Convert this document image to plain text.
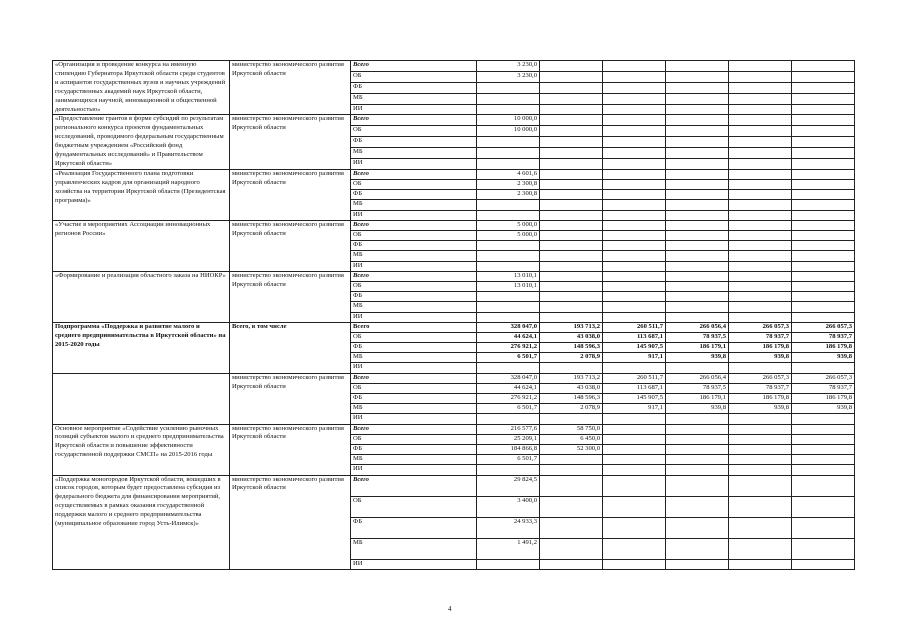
«Организация и проведение конкурса на именную стипендию Губернатора Иркутской области среди студентов и аспирантов государственных вузов и научных учреждений государственных академий наук Иркутской области, занимающихся научной, инновационной и общественной деятельностью»	министерство экономического развития Иркутской области	Всего	3 230,0					
		ОБ	3 230,0					
		ФБ						
		МБ						
		ИИ						
«Предоставление грантов в форме субсидий по результатам регионального конкурса проектов фундаментальных исследований, проводимого федеральным государственным бюджетным учреждением «Российский фонд фундаментальных исследований» и Правительством Иркутской области»	министерство экономического развития Иркутской области	Всего	10 000,0					
		ОБ	10 000,0					
		ФБ						
		МБ						
		ИИ						
«Реализация Государственного плана подготовки управленческих кадров для организаций народного хозяйства на территории Иркутской области (Президентская программа)»	министерство экономического развития Иркутской области	Всего	4 601,6					
		ОБ	2 300,8					
		ФБ	2 300,8					
		МБ						
		ИИ						
«Участие в мероприятиях Ассоциации инновационных регионов России»	министерство экономического развития Иркутской области	Всего	5 000,0					
		ОБ	5 000,0					
		ФБ						
		МБ						
		ИИ						
«Формирование и реализация областного заказа на НИОКР»	министерство экономического развития Иркутской области	Всего	13 010,1					
		ОБ	13 010,1					
		ФБ						
		МБ						
		ИИ						
Подпрограмма «Поддержка и развитие малого и среднего предпринимательства в Иркутской области» на 2015-2020 годы	Всего, в том числе	Всего	328 047,0	193 713,2	260 511,7	266 056,4	266 057,3	266 057,3
		ОБ	44 624,1	43 038,0	113 687,1	78 937,5	78 937,7	78 937,7
		ФБ	276 921,2	148 596,3	145 907,5	186 179,1	186 179,8	186 179,8
		МБ	6 501,7	2 078,9	917,1	939,8	939,8	939,8
		ИИ						
	министерство экономического развития Иркутской области	Всего	328 047,0	193 713,2	260 511,7	266 056,4	266 057,3	266 057,3
		ОБ	44 624,1	43 038,0	113 687,1	78 937,5	78 937,7	78 937,7
		ФБ	276 921,2	148 596,3	145 907,5	186 179,1	186 179,8	186 179,8
		МБ	6 501,7	2 078,9	917,1	939,8	939,8	939,8
		ИИ						
Основное мероприятие «Содействие усилению рыночных позиций субъектов малого и среднего предпринимательства Иркутской области и повышение эффективности государственной поддержки СМСП» на 2015-2016 годы	министерство экономического развития Иркутской области	Всего	216 577,6	58 750,0				
		ОБ	25 209,1	6 450,0				
		ФБ	184 866,8	52 300,0				
		МБ	6 501,7					
		ИИ						
«Поддержка моногородов Иркутской области, вошедших в список городов, которым будет предоставлена субсидия из федерального бюджета для финансирования мероприятий, осуществляемых в рамках оказания государственной поддержки малого и среднего предпринимательства (муниципальное образование город Усть-Илимск)»	министерство экономического развития Иркутской области	Всего	29 824,5					
		ОБ	3 400,0					
		ФБ	24 933,3					
		МБ	1 491,2					
		ИИ						
4
